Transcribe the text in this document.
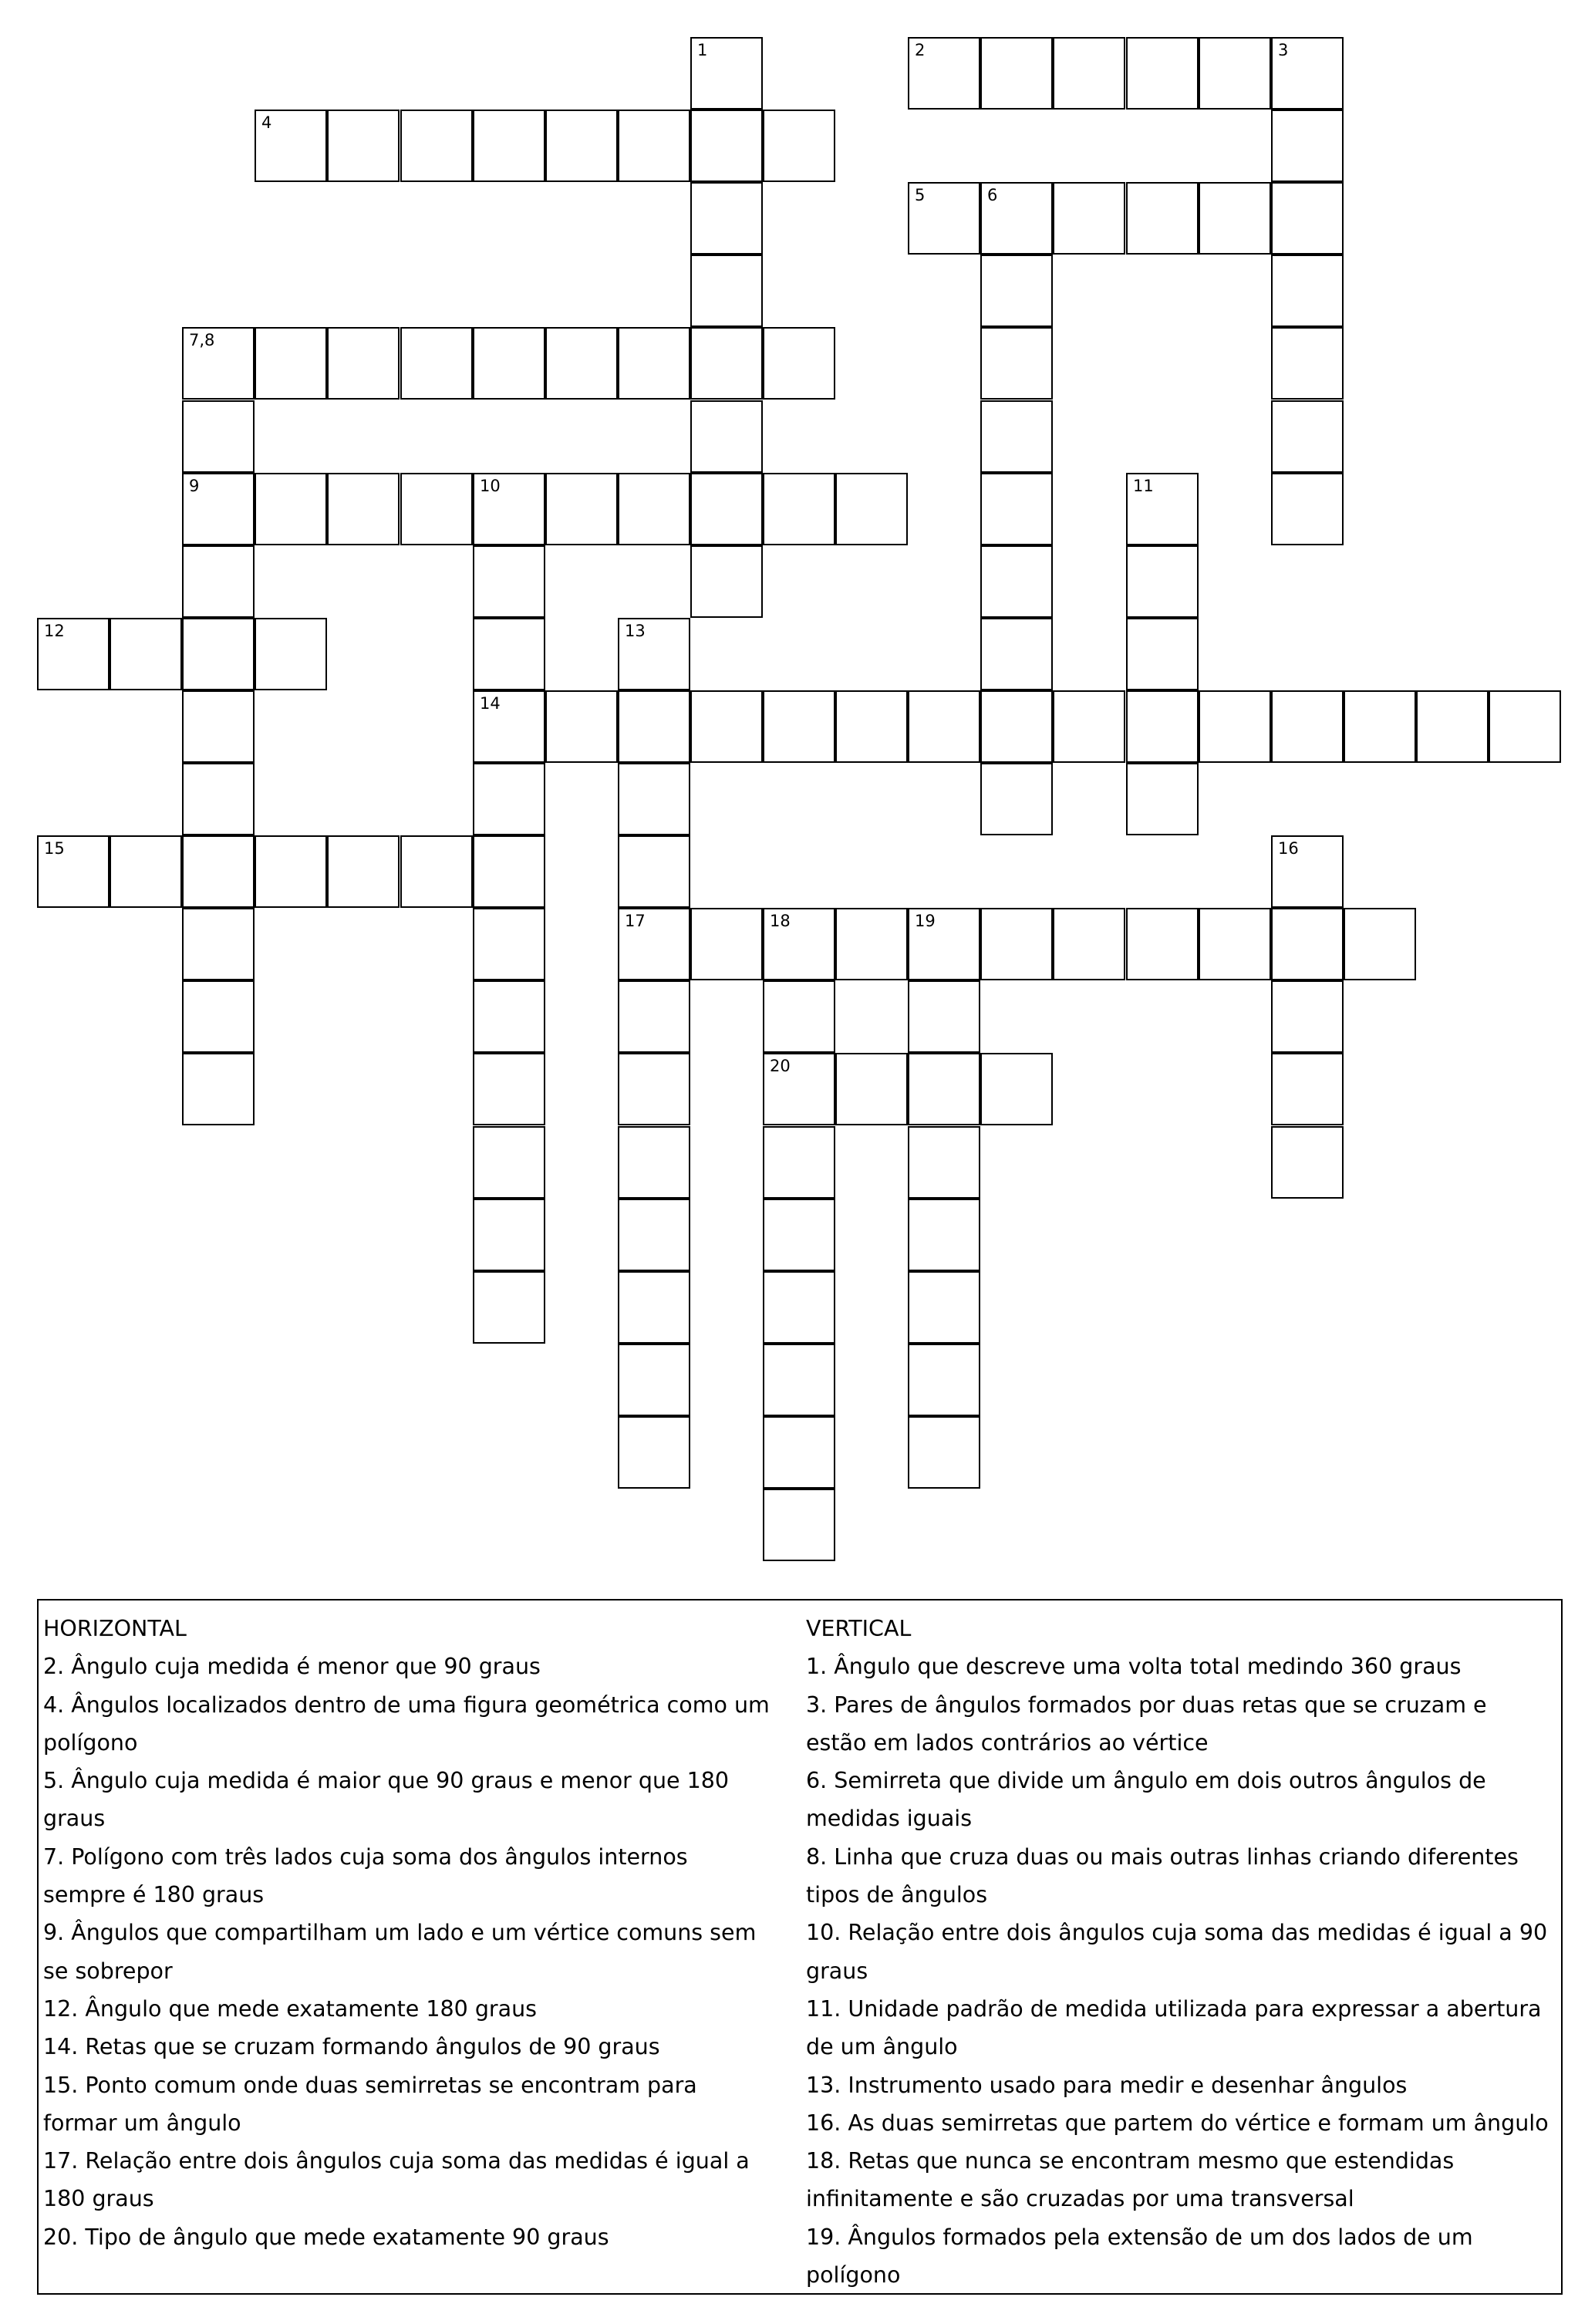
2
1	3
4
5	6
7,8
9	10
14
11
12	13
17
15	16
18	19
20
HORIZONTAL
2. Ângulo cuja medida é menor que 90 graus
4. Ângulos localizados dentro de uma figura geométrica como um polígono
5. Ângulo cuja medida é maior que 90 graus e menor que 180 graus
7. Polígono com três lados cuja soma dos ângulos internos sempre é 180 graus
9. Ângulos que compartilham um lado e um vértice comuns sem se sobrepor
12. Ângulo que mede exatamente 180 graus
14. Retas que se cruzam formando ângulos de 90 graus
15. Ponto comum onde duas semirretas se encontram para formar um ângulo
17. Relação entre dois ângulos cuja soma das medidas é igual a 180 graus
20. Tipo de ângulo que mede exatamente 90 graus
VERTICAL
1. Ângulo que descreve uma volta total medindo 360 graus
3. Pares de ângulos formados por duas retas que se cruzam e estão em lados contrários ao vértice
6. Semirreta que divide um ângulo em dois outros ângulos de medidas iguais
8. Linha que cruza duas ou mais outras linhas criando diferentes tipos de ângulos
10. Relação entre dois ângulos cuja soma das medidas é igual a 90 graus
11. Unidade padrão de medida utilizada para expressar a abertura de um ângulo
13. Instrumento usado para medir e desenhar ângulos
16. As duas semirretas que partem do vértice e formam um ângulo
18. Retas que nunca se encontram mesmo que estendidas infinitamente e são cruzadas por uma transversal
19. Ângulos formados pela extensão de um dos lados de um polígono
